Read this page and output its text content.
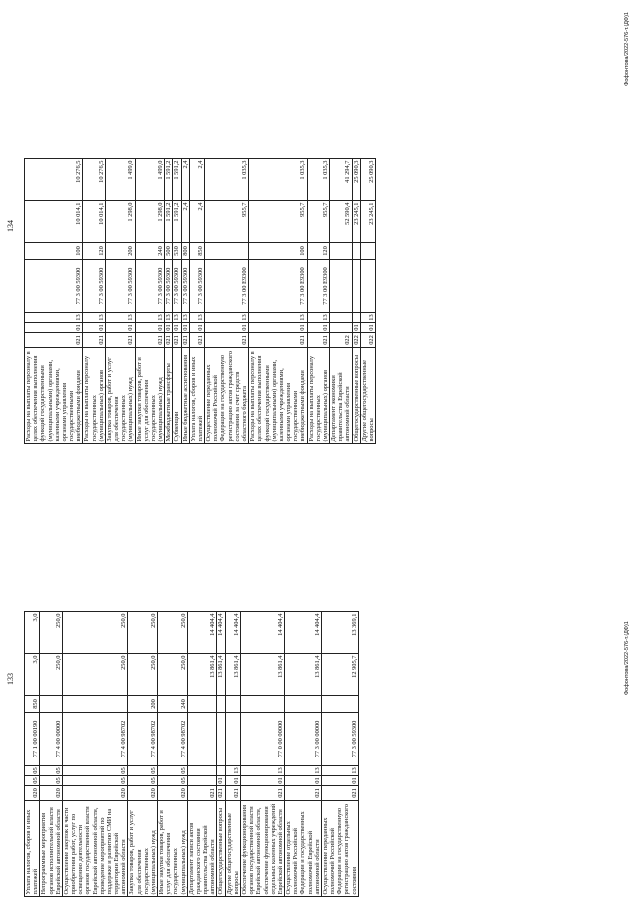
133
Уплата налогов, сборов и иных платежей	020	05	05	77 1 00 00190	850	3,0	3,0
Непрограммные мероприятия органов исполнительной власти Еврейской автономной области	020	05	05	77 4 00 00000		250,0	250,0
Осуществление закупок в части приобретения работ, услуг по освещению деятельности органов государственной власти Еврейской автономной области, проведение мероприятий по поддержке и развитию СМИ на территории Еврейской автономной области	020	05	05	77 4 00 98702		250,0	250,0
Закупка товаров, работ и услуг для обеспечения государственных (муниципальных) нужд	020	05	05	77 4 00 98702	200	250,0	250,0
Иные закупки товаров, работ и услуг для обеспечения государственных (муниципальных) нужд	020	05	05	77 4 00 98702	240	250,0	250,0
Департамент записи актов гражданского состояния правительства Еврейской автономной области	021					13 861,4	14 404,4
Общегосударственные вопросы	021	01				13 861,4	14 404,4
Другие общегосударственные вопросы	021	01	13			13 861,4	14 404,4
Обеспечение функционирования органов государственной власти Еврейской автономной области, обеспечение функционирования отдельных казенных учреждений Еврейской автономной области	021	01	13	77 0 00 00000		13 861,4	14 404,4
Осуществление отдельных полномочий Российской Федерации и государственных полномочий Еврейской автономной области	021	01	13	77 3 00 00000		13 861,4	14 404,4
Осуществление переданных полномочий Российской Федерации на государственную регистрацию актов гражданского состояния	021	01	13	77 3 00 59300		12 905,7	13 369,1	Фофонтова/2022-576-т.(ДФ)1
134
Расходы на выплаты персоналу в целях обеспечения выполнения функций государственными (муниципальными) органами, казенными учреждениями, органами управления государственными внебюджетными фондами	021	01	13	77 3 00 59300	100	10 014,1	10 276,5
Расходы на выплаты персоналу государственных (муниципальных) органов	021	01	13	77 3 00 59300	120	10 014,1	10 276,5
Закупка товаров, работ и услуг для обеспечения государственных (муниципальных) нужд	021	01	13	77 3 00 59300	200	1 298,0	1 499,0
Иные закупки товаров, работ и услуг для обеспечения государственных (муниципальных) нужд	021	01	13	77 3 00 59300	240	1 298,0	1 499,0
Межбюджетные трансферты	021	01	13	77 3 00 59300	500	1 591,2	1 591,2
Субвенции	021	01	13	77 3 00 59300	530	1 591,2	1 591,2
Иные бюджетные ассигнования	021	01	13	77 3 00 59300	800	2,4	2,4
Уплата налогов, сборов и иных платежей	021	01	13	77 3 00 59300	850	2,4	2,4
Осуществление переданных полномочий Российской Федерации на государственную регистрацию актов гражданского состояния за счет средств областного бюджета	021	01	13	77 3 00 Е9300		955,7	1 035,3
Расходы на выплаты персоналу в целях обеспечения выполнения функций государственными (муниципальными) органами, казенными учреждениями, органами управления государственными внебюджетными фондами	021	01	13	77 3 00 Е9300	100	955,7	1 035,3
Расходы на выплаты персоналу государственных (муниципальных) органов	021	01	13	77 3 00 Е9300	120	955,7	1 035,3
Департамент экономики правительства Еврейской автономной области	022					52 590,4	41 294,7
Общегосударственные вопросы	022	01				23 245,1	25 090,3
Другие общегосударственные вопросы	022	01	13			23 245,1	25 090,3
Фофонтова/2022-576-т.(ДФ)1
